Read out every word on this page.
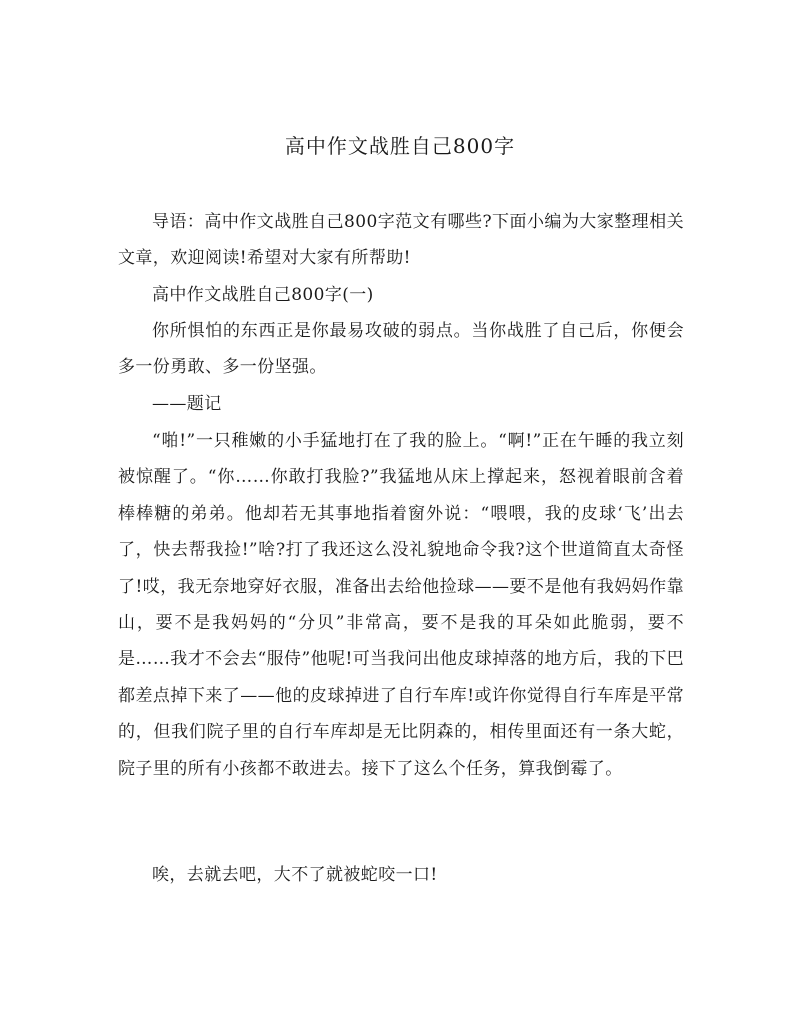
高中作文战胜自己800字

导语：高中作文战胜自己800字范文有哪些?下面小编为大家整理相关文章，欢迎阅读!希望对大家有所帮助!

高中作文战胜自己800字(一)

你所惧怕的东西正是你最易攻破的弱点。当你战胜了自己后，你便会多一份勇敢、多一份坚强。

——题记

“啪!”一只稚嫩的小手猛地打在了我的脸上。“啊!”正在午睡的我立刻被惊醒了。“你……你敢打我脸?”我猛地从床上撑起来，怒视着眼前含着棒棒糖的弟弟。他却若无其事地指着窗外说：“喂喂，我的皮球‘飞’出去了，快去帮我捡!”啥?打了我还这么没礼貌地命令我?这个世道简直太奇怪了!哎，我无奈地穿好衣服，准备出去给他捡球——要不是他有我妈妈作靠山，要不是我妈妈的“分贝”非常高，要不是我的耳朵如此脆弱，要不是……我才不会去“服侍”他呢!可当我问出他皮球掉落的地方后，我的下巴都差点掉下来了——他的皮球掉进了自行车库!或许你觉得自行车库是平常的，但我们院子里的自行车库却是无比阴森的，相传里面还有一条大蛇，院子里的所有小孩都不敢进去。接下了这么个任务，算我倒霉了。

唉，去就去吧，大不了就被蛇咬一口!
